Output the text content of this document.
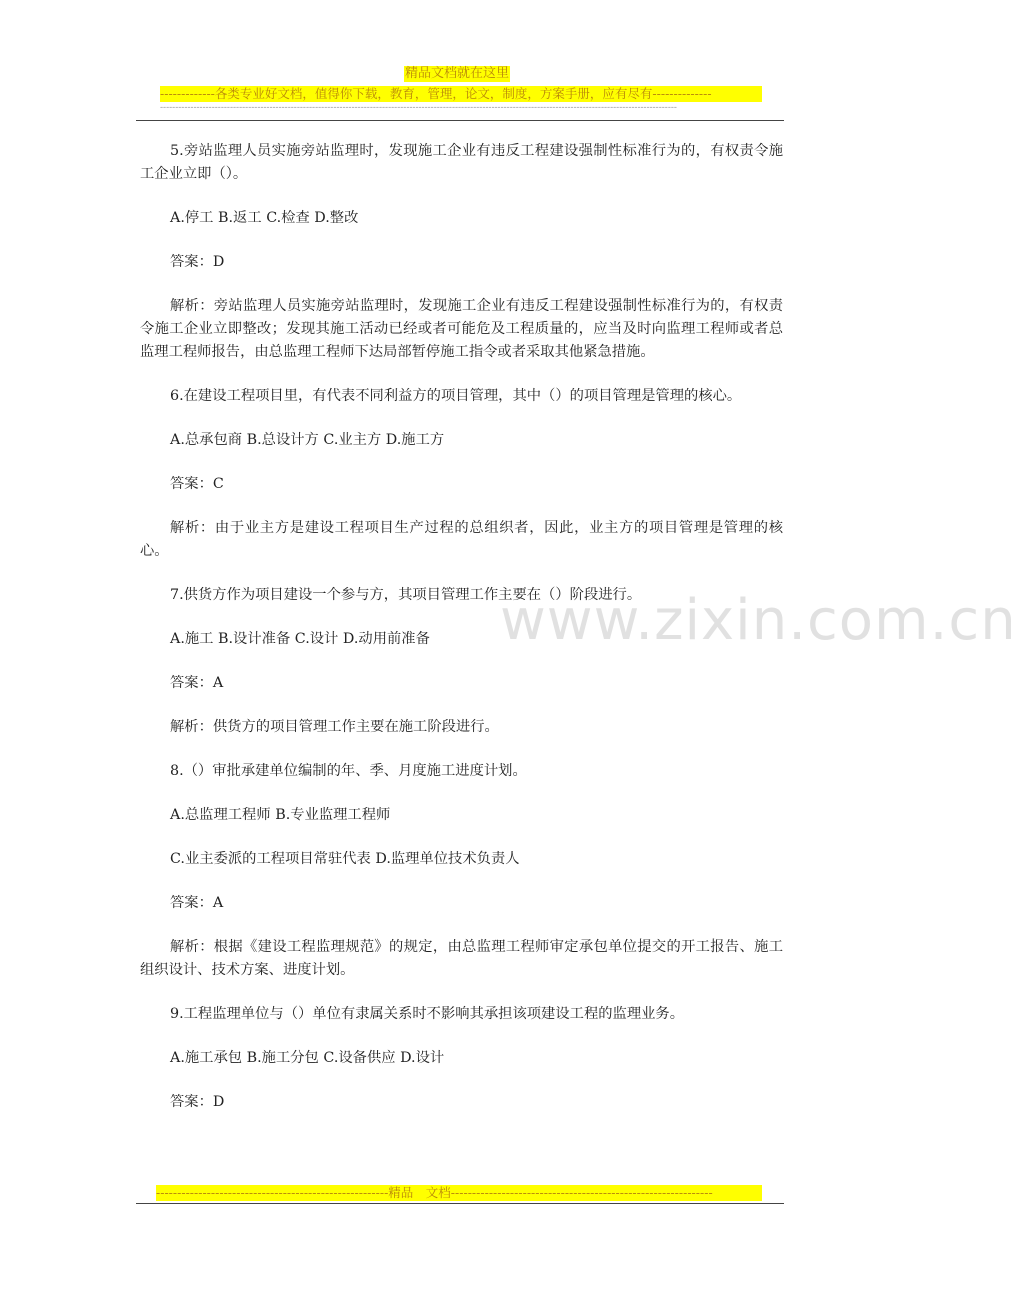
精品文档就在这里
-------------各类专业好文档，值得你下载，教育，管理，论文，制度，方案手册，应有尽有--------------
--------------------------------------------------------------------------------------------------------------------------------------------------------------------------

5.旁站监理人员实施旁站监理时，发现施工企业有违反工程建设强制性标准行为的，有权责令施工企业立即（）。

A.停工 B.返工 C.检查 D.整改

答案：D

解析：旁站监理人员实施旁站监理时，发现施工企业有违反工程建设强制性标准行为的，有权责令施工企业立即整改；发现其施工活动已经或者可能危及工程质量的，应当及时向监理工程师或者总监理工程师报告，由总监理工程师下达局部暂停施工指令或者采取其他紧急措施。

6.在建设工程项目里，有代表不同利益方的项目管理，其中（）的项目管理是管理的核心。

A.总承包商 B.总设计方 C.业主方 D.施工方

答案：C

解析：由于业主方是建设工程项目生产过程的总组织者，因此，业主方的项目管理是管理的核心。

7.供货方作为项目建设一个参与方，其项目管理工作主要在（）阶段进行。

A.施工 B.设计准备 C.设计 D.动用前准备

答案：A

解析：供货方的项目管理工作主要在施工阶段进行。

8.（）审批承建单位编制的年、季、月度施工进度计划。

A.总监理工程师 B.专业监理工程师

C.业主委派的工程项目常驻代表 D.监理单位技术负责人

答案：A

解析：根据《建设工程监理规范》的规定，由总监理工程师审定承包单位提交的开工报告、施工组织设计、技术方案、进度计划。

9.工程监理单位与（）单位有隶属关系时不影响其承担该项建设工程的监理业务。

A.施工承包 B.施工分包 C.设备供应 D.设计

答案：D

www.zixin.com.cn
-------------------------------------------------------精品　文档--------------------------------------------------------------
